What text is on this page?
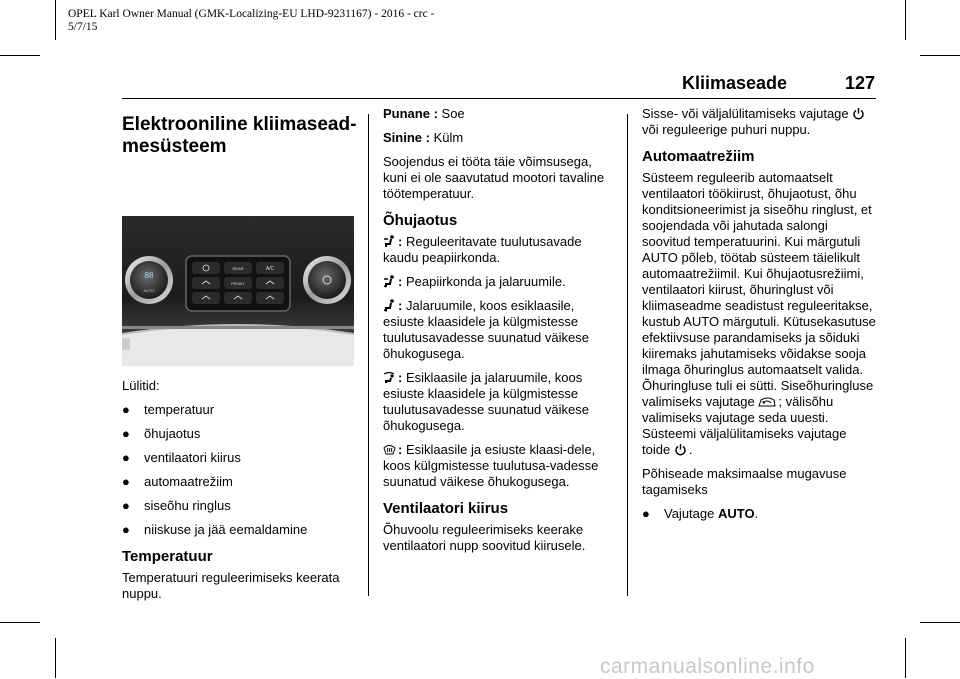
OPEL Karl Owner Manual (GMK-Localizing-EU LHD-9231167) - 2016 - crc -
5/7/15
Kliimaseade	127
Elektrooniline kliimasead-
mesüsteem
88
AUTO
REAR	A/C
FRONT

Lülitid:

●	temperatuur
●	õhujaotus
●	ventilaatori kiirus
●	automaatrežiim
●	siseõhu ringlus
●	niiskuse ja jää eemaldamine
Temperatuur

Temperatuuri reguleerimiseks keerata nuppu.

Punane : Soe

Sinine : Külm

Soojendus ei tööta täie võimsusega, kuni ei ole saavutatud mootori tavaline töötemperatuur.

Õhujaotus

: Reguleeritavate tuulutusavade kaudu peapiirkonda.

: Peapiirkonda ja jalaruumile.

: Jalaruumile, koos esiklaasile, esiuste klaasidele ja külgmistesse tuulutusavadesse suunatud väikese õhukogusega.

: Esiklaasile ja jalaruumile, koos esiuste klaasidele ja külgmistesse tuulutusavadesse suunatud väikese õhukogusega.

: Esiklaasile ja esiuste klaasi-dele, koos külgmistesse tuulutusa-vadesse suunatud väikese õhukogusega.

Ventilaatori kiirus

Õhuvoolu reguleerimiseks keerake ventilaatori nupp soovitud kiirusele.

Sisse- või väljalülitamiseks vajutage  või reguleerige puhuri nuppu.

Automaatrežiim

Süsteem reguleerib automaatselt ventilaatori töökiirust, õhujaotust, õhu konditsioneerimist ja siseõhu ringlust, et soojendada või jahutada salongi soovitud temperatuurini. Kui märgutuli AUTO põleb, töötab süsteem täielikult automaatrežiimil. Kui õhujaotusrežiimi, ventilaatori kiirust, õhuringlust või kliimaseadme seadistust reguleeritakse, kustub AUTO märgutuli. Kütusekasutuse efektiivsuse parandamiseks ja sõiduki kiiremaks jahutamiseks võidakse sooja ilmaga õhuringlus automaatselt valida. Õhuringluse tuli ei sütti. Siseõhuringluse valimiseks vajutage ; välisõhu valimiseks vajutage seda uuesti. Süsteemi väljalülitamiseks vajutage toide .

Põhiseade maksimaalse mugavuse tagamiseks

●	Vajutage AUTO.
carmanualsonline.info
